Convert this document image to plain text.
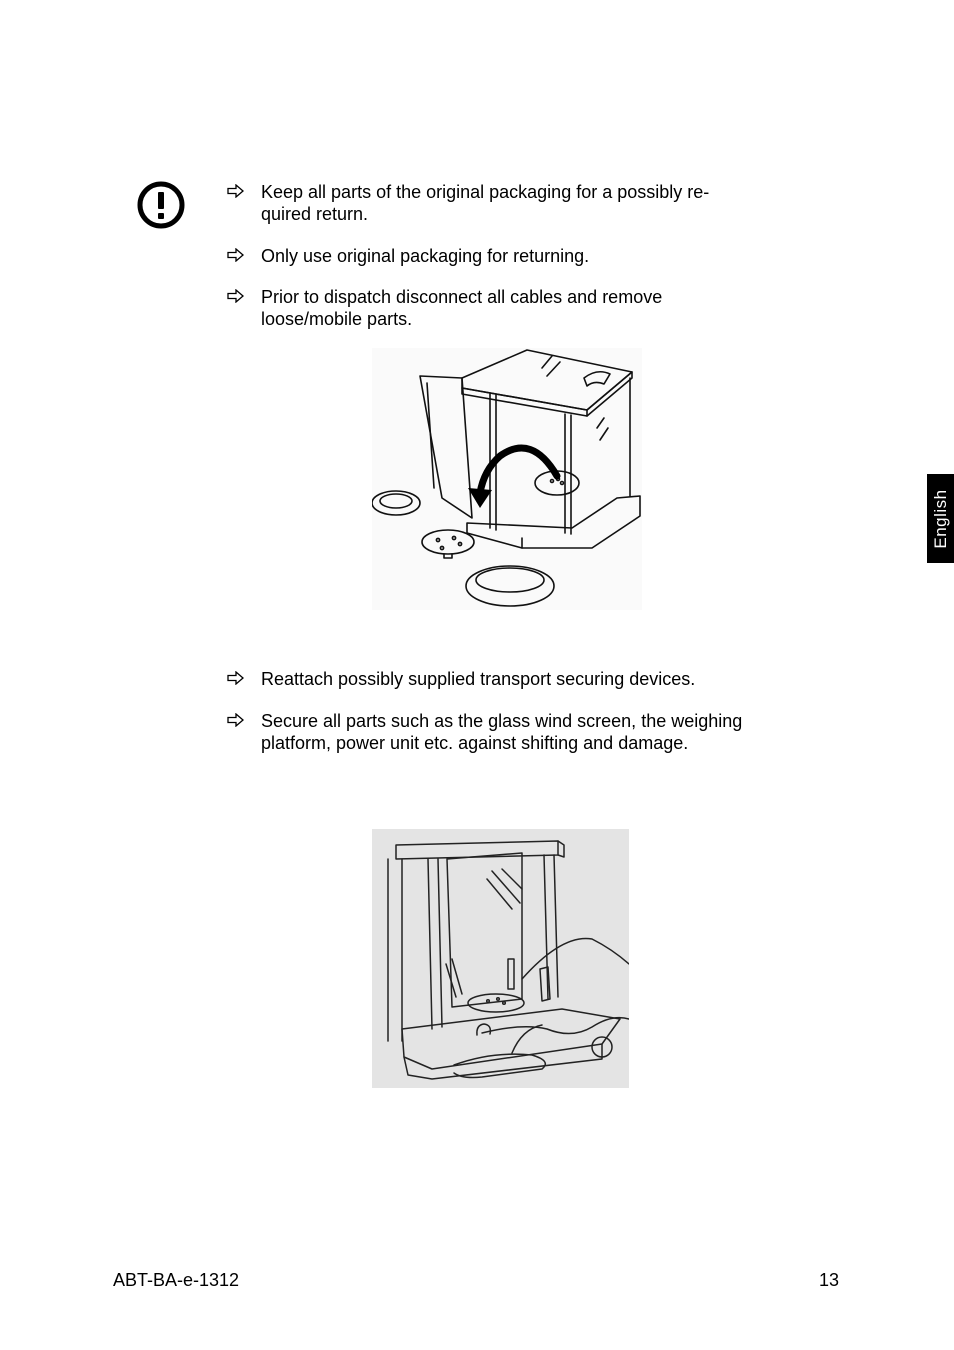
Keep all parts of the original packaging for a possibly re-
quired return.
Only use original packaging for returning.
Prior to dispatch disconnect all cables and remove
loose/mobile parts.
Reattach possibly supplied transport securing devices.
Secure all parts such as the glass wind screen, the weighing
platform, power unit etc. against shifting and damage.
English
ABT-BA-e-1312	13
